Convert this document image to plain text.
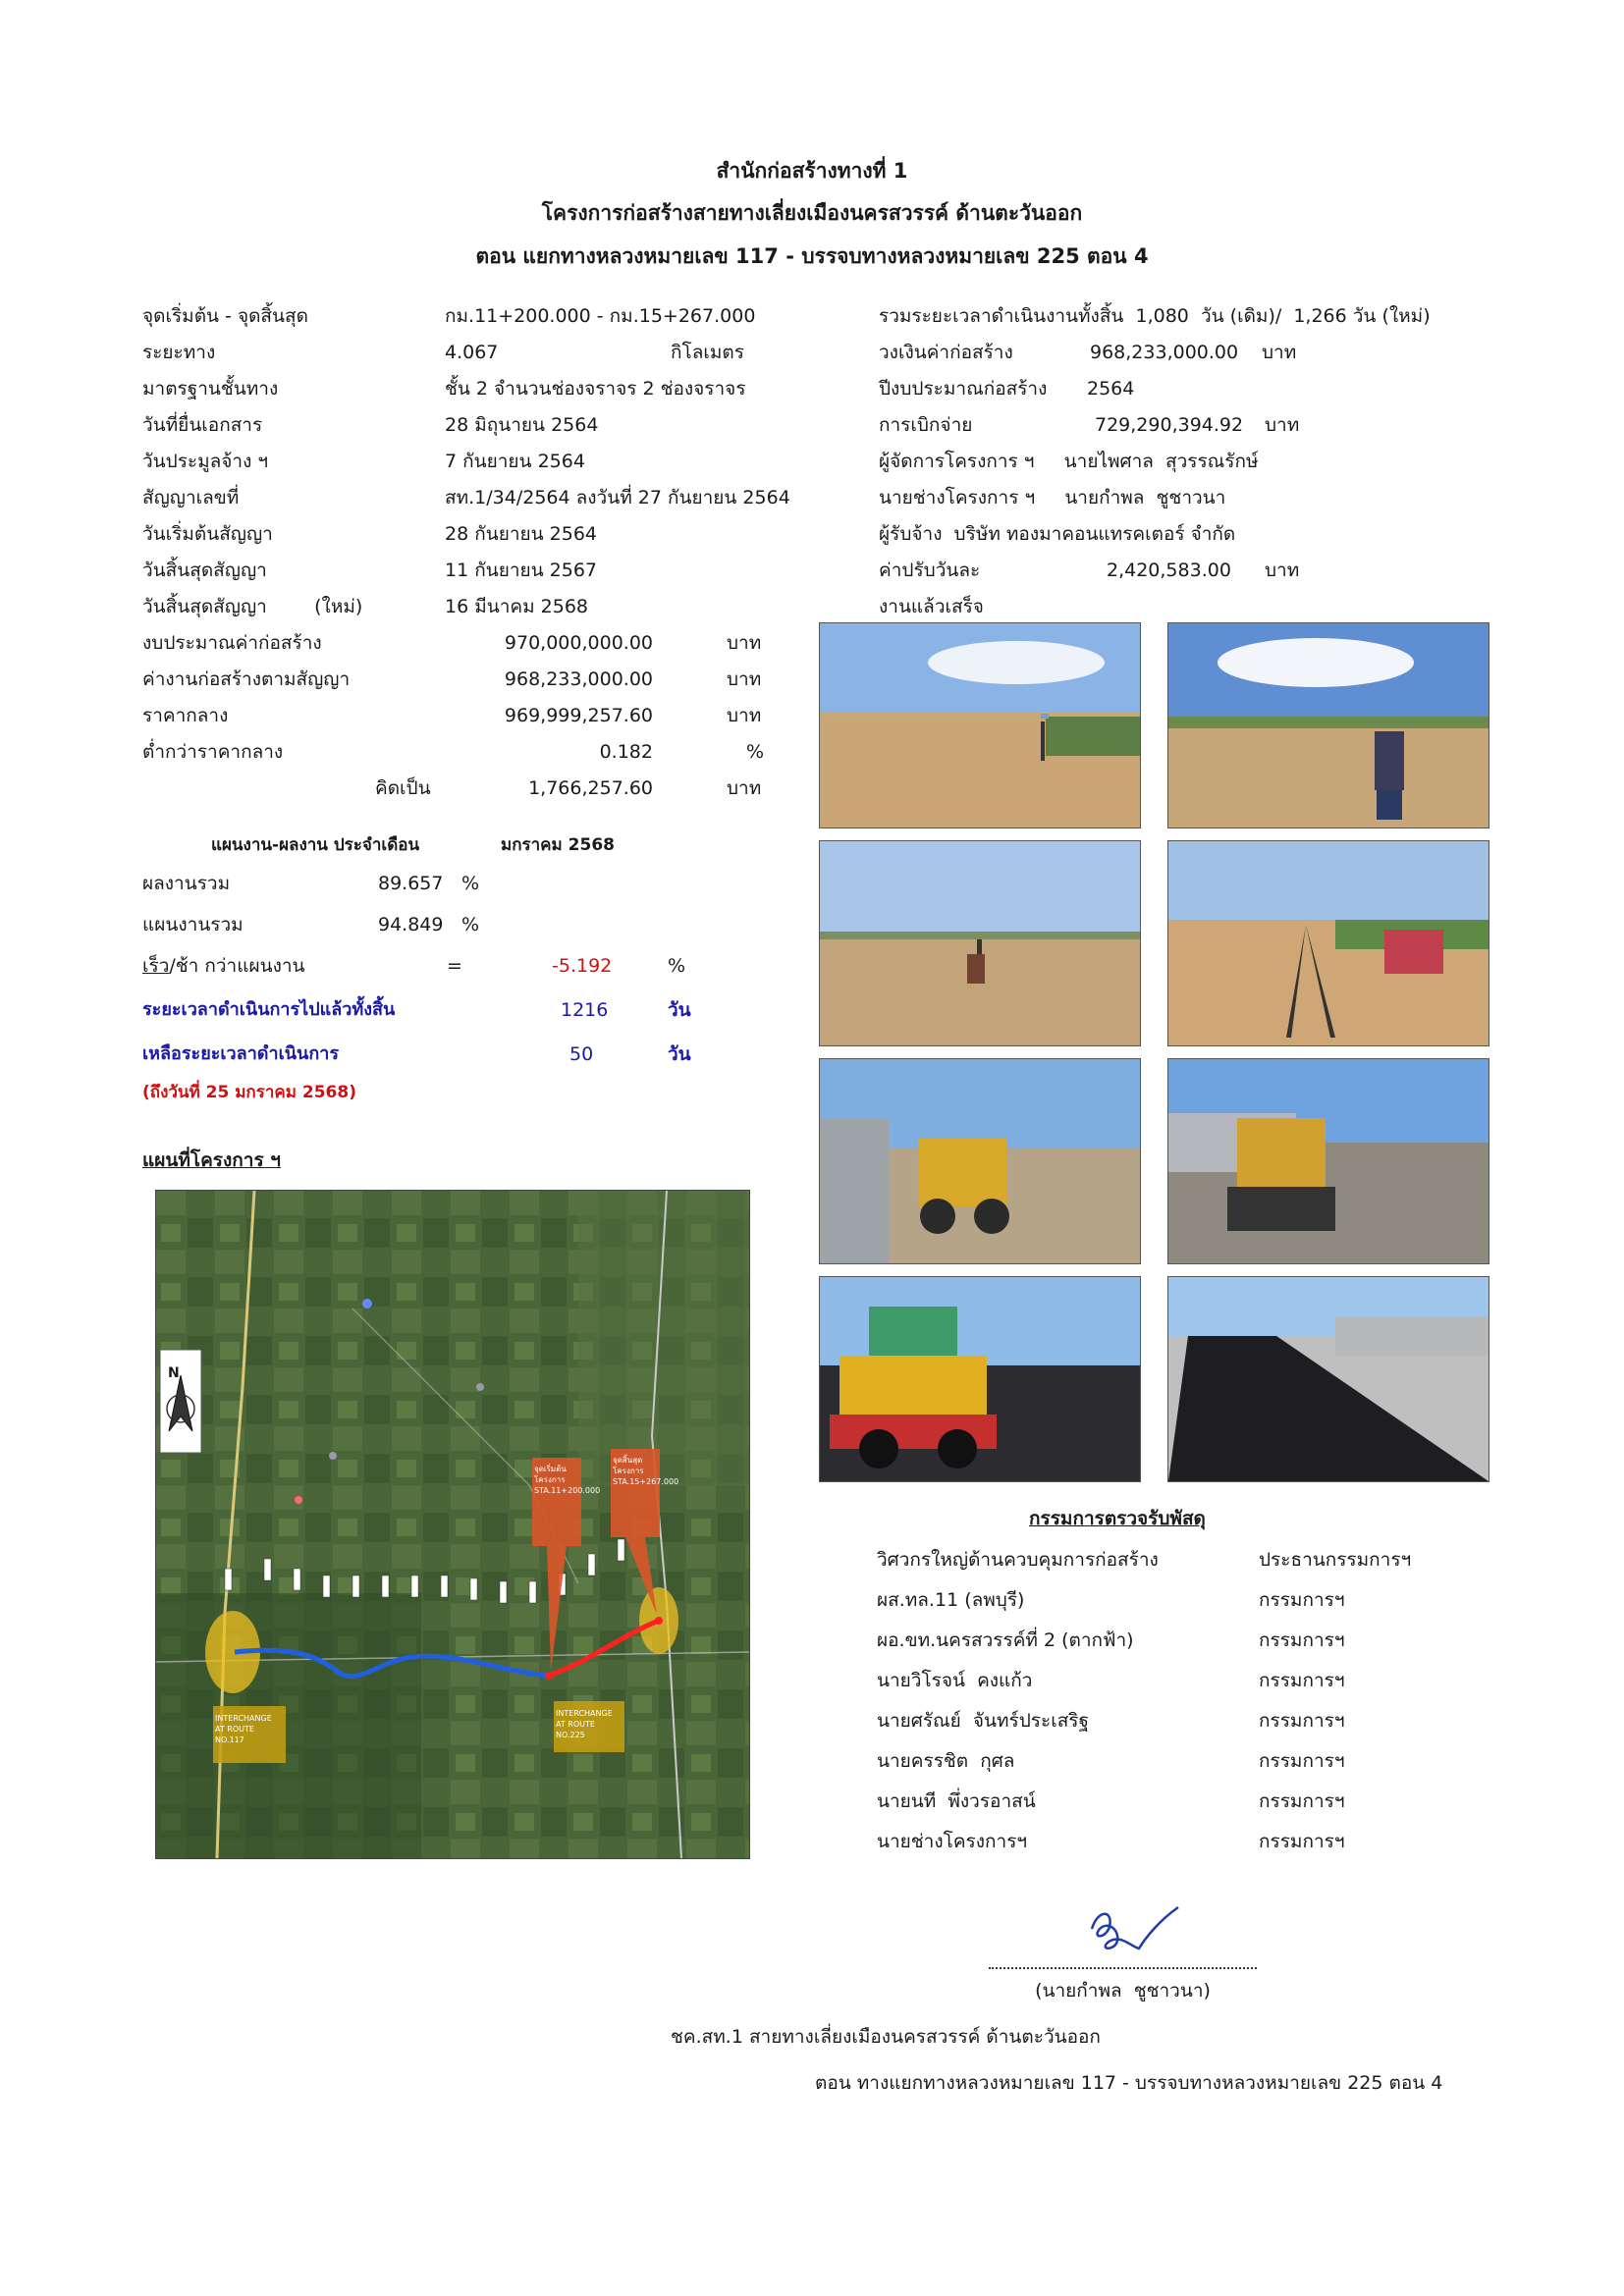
สำนักก่อสร้างทางที่ 1
โครงการก่อสร้างสายทางเลี่ยงเมืองนครสวรรค์ ด้านตะวันออก
ตอน แยกทางหลวงหมายเลข 117 - บรรจบทางหลวงหมายเลข 225 ตอน 4
จุดเริ่มต้น - จุดสิ้นสุด	กม.11+200.000 - กม.15+267.000
ระยะทาง	4.067	กิโลเมตร
มาตรฐานชั้นทาง	ชั้น 2 จำนวนช่องจราจร 2 ช่องจราจร
วันที่ยื่นเอกสาร	28 มิถุนายน 2564
วันประมูลจ้าง ฯ	7 กันยายน 2564
สัญญาเลขที่	สท.1/34/2564 ลงวันที่ 27 กันยายน 2564
วันเริ่มต้นสัญญา	28 กันยายน 2564
วันสิ้นสุดสัญญา	11 กันยายน 2567
วันสิ้นสุดสัญญา        (ใหม่)	16 มีนาคม 2568
งบประมาณค่าก่อสร้าง	970,000,000.00	บาท
ค่างานก่อสร้างตามสัญญา	968,233,000.00	บาท
ราคากลาง	969,999,257.60	บาท
ต่ำกว่าราคากลาง	0.182	%
คิดเป็น	1,766,257.60	บาท
แผนงาน-ผลงาน ประจำเดือน	มกราคม 2568
ผลงานรวม	89.657 %
แผนงานรวม	94.849 %
เร็ว/ช้า กว่าแผนงาน	=	-5.192	%
ระยะเวลาดำเนินการไปแล้วทั้งสิ้น	1216	วัน
เหลือระยะเวลาดำเนินการ	50	วัน
(ถึงวันที่ 25 มกราคม 2568)
แผนที่โครงการ ฯ
N
จุดเริ่มต้นโครงการ STA.11+200.000
จุดสิ้นสุดโครงการ STA.15+267.000
INTERCHANGE AT ROUTE NO.117
INTERCHANGE AT ROUTE NO.225
รวมระยะเวลาดำเนินงานทั้งสิ้น  1,080  วัน (เดิม)/  1,266 วัน (ใหม่)
วงเงินค่าก่อสร้าง	968,233,000.00 บาท
ปีงบประมาณก่อสร้าง 2564
การเบิกจ่าย	729,290,394.92 บาท
ผู้จัดการโครงการ ฯ     นายไพศาล  สุวรรณรักษ์
นายช่างโครงการ ฯ     นายกำพล  ชูชาวนา
ผู้รับจ้าง  บริษัท ทองมาคอนแทรคเตอร์ จำกัด
ค่าปรับวันละ	2,420,583.00 บาท
งานแล้วเสร็จ
กรรมการตรวจรับพัสดุ
วิศวกรใหญ่ด้านควบคุมการก่อสร้าง	ประธานกรรมการฯ
ผส.ทล.11 (ลพบุรี)	กรรมการฯ
ผอ.ขท.นครสวรรค์ที่ 2 (ตากฟ้า)	กรรมการฯ
นายวิโรจน์  คงแก้ว	กรรมการฯ
นายศรัณย์  จันทร์ประเสริฐ	กรรมการฯ
นายครรชิต  กุศล	กรรมการฯ
นายนที  พึ่งวรอาสน์	กรรมการฯ
นายช่างโครงการฯ	กรรมการฯ
(นายกำพล  ชูชาวนา)
ชค.สท.1 สายทางเลี่ยงเมืองนครสวรรค์ ด้านตะวันออก
ตอน ทางแยกทางหลวงหมายเลข 117 - บรรจบทางหลวงหมายเลข 225 ตอน 4
